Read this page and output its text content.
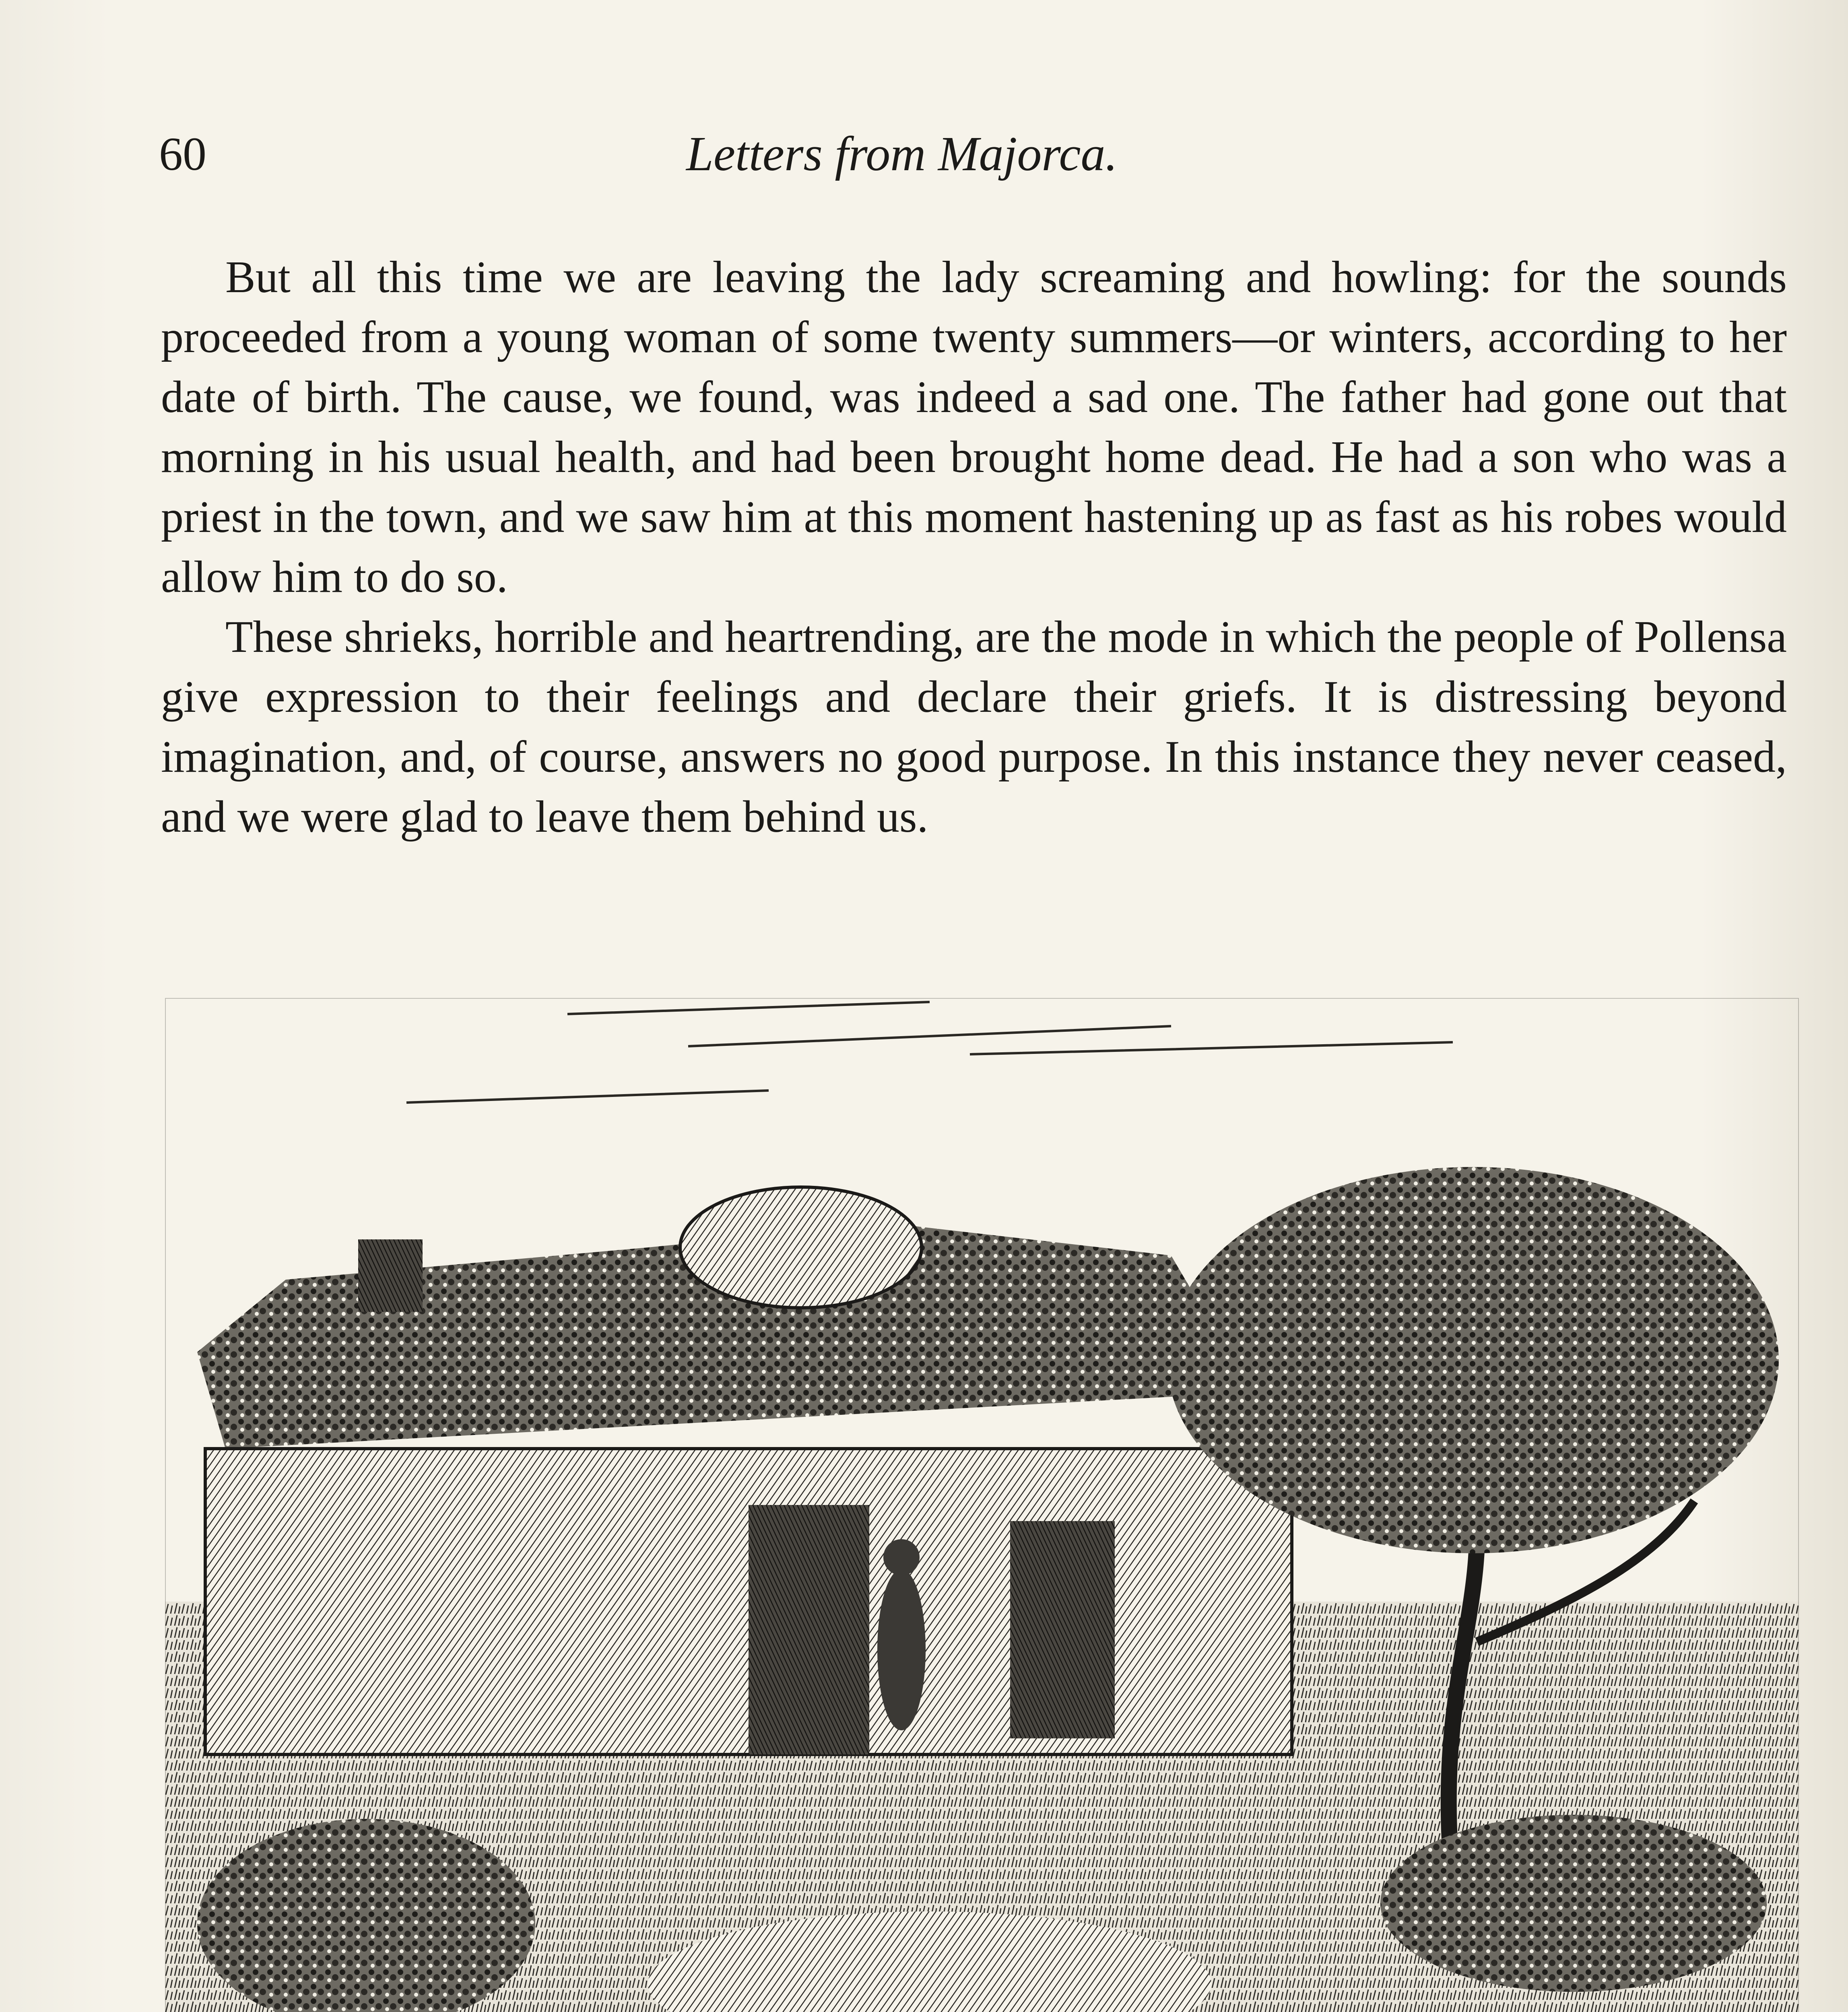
60	Letters from Majorca.

But all this time we are leaving the lady screaming and howling: for the sounds proceeded from a young woman of some twenty summers—or winters, according to her date of birth. The cause, we found, was indeed a sad one. The father had gone out that morning in his usual health, and had been brought home dead. He had a son who was a priest in the town, and we saw him at this moment hastening up as fast as his robes would allow him to do so.

These shrieks, horrible and heartrending, are the mode in which the people of Pollensa give expression to their feelings and declare their griefs. It is distressing beyond imagination, and, of course, answers no good purpose. In this instance they never ceased, and we were glad to leave them behind us.
